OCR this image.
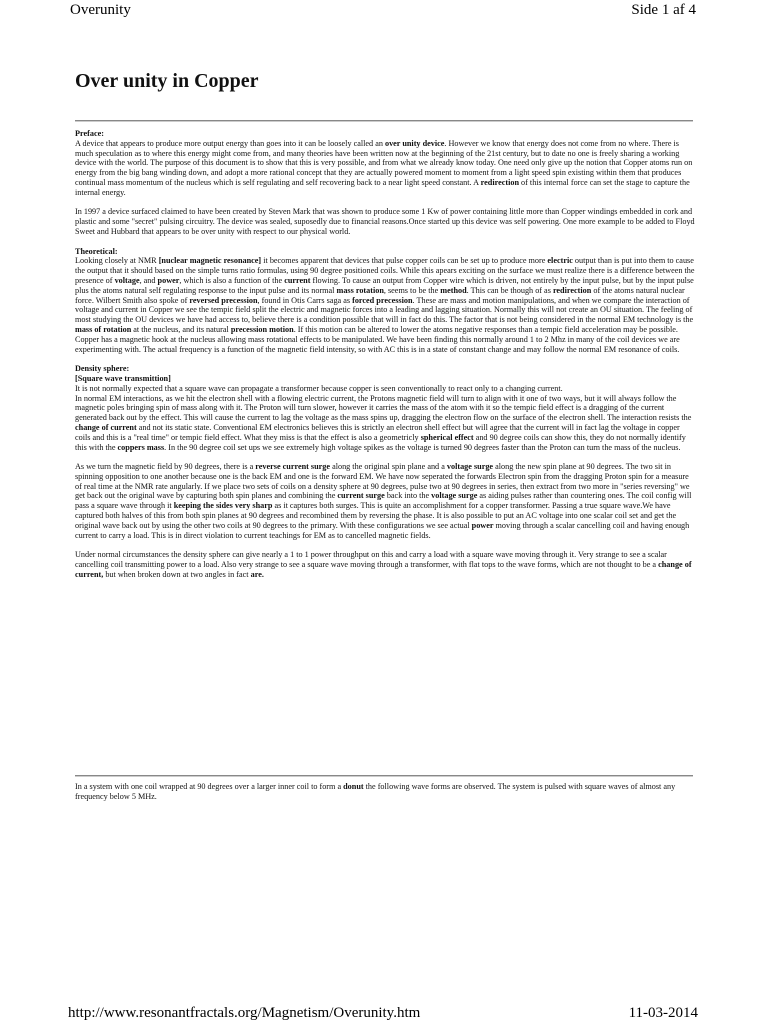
Overunity	Side 1 af 4
Over unity in Copper

Preface:

A device that appears to produce more output energy than goes into it can be loosely called an over unity device. However we know that energy does not come from no where. There is much speculation as to where this energy might come from, and many theories have been written now at the beginning of the 21st century, but to date no one is freely sharing a working device with the world. The purpose of this document is to show that this is very possible, and from what we already know today. One need only give up the notion that Copper atoms run on energy from the big bang winding down, and adopt a more rational concept that they are actually powered moment to moment from a light speed spin existing within them that produces continual mass momentum of the nucleus which is self regulating and self recovering back to a near light speed constant. A redirection of this internal force can set the stage to capture the internal energy.

In 1997 a device surfaced claimed to have been created by Steven Mark that was shown to produce some 1 Kw of power containing little more than Copper windings embedded in cork and plastic and some "secret" pulsing circuitry. The device was sealed, suposedly due to financial reasons.Once started up this device was self powering. One more example to be added to Floyd Sweet and Hubbard that appears to be over unity with respect to our physical world.

Theoretical:

Looking closely at NMR [nuclear magnetic resonance] it becomes apparent that devices that pulse copper coils can be set up to produce more electric output than is put into them to cause the output that it should based on the simple turns ratio formulas, using 90 degree positioned coils. While this apears exciting on the surface we must realize there is a difference between the presence of voltage, and power, which is also a function of the current flowing. To cause an output from Copper wire which is driven, not entirely by the input pulse, but by the input pulse plus the atoms natural self regulating response to the input pulse and its normal mass rotation, seems to be the method. This can be though of as redirection of the atoms natural nuclear force. Wilbert Smith also spoke of reversed precession, found in Otis Carrs saga as forced precession. These are mass and motion manipulations, and when we compare the interaction of voltage and current in Copper we see the tempic field split the electric and magnetic forces into a leading and lagging situation. Normally this will not create an OU situation. The feeling of most studying the OU devices we have had access to, believe there is a condition possible that will in fact do this. The factor that is not being considered in the normal EM technology is the mass of rotation at the nucleus, and its natural precession motion. If this motion can be altered to lower the atoms negative responses than a tempic field acceleration may be possible. Copper has a magnetic hook at the nucleus allowing mass rotational effects to be manipulated. We have been finding this normally around 1 to 2 Mhz in many of the coil devices we are experimenting with. The actual frequency is a function of the magnetic field intensity, so with AC this is in a state of constant change and may follow the normal EM resonance of coils.

Density sphere:

[Square wave transmittion]

It is not normally expected that a square wave can propagate a transformer because copper is seen conventionally to react only to a changing current.

In normal EM interactions, as we hit the electron shell with a flowing electric current, the Protons magnetic field will turn to align with it one of two ways, but it will always follow the magnetic poles bringing spin of mass along with it. The Proton will turn slower, however it carries the mass of the atom with it so the tempic field effect is a dragging of the current generated back out by the effect. This will cause the current to lag the voltage as the mass spins up, dragging the electron flow on the surface of the electron shell. The interaction resists the change of current and not its static state. Conventional EM electronics believes this is strictly an electron shell effect but will agree that the current will in fact lag the voltage in copper coils and this is a "real time" or tempic field effect. What they miss is that the effect is also a geometricly spherical effect and 90 degree coils can show this, they do not normally identify this with the coppers mass. In the 90 degree coil set ups we see extremely high voltage spikes as the voltage is turned 90 degrees faster than the Proton can turn the mass of the nucleus.

As we turn the magnetic field by 90 degrees, there is a reverse current surge along the original spin plane and a voltage surge along the new spin plane at 90 degrees. The two sit in spinning opposition to one another because one is the back EM and one is the forward EM. We have now seperated the forwards Electron spin from the dragging Proton spin for a measure of real time at the NMR rate angularly. If we place two sets of coils on a density sphere at 90 degrees, pulse two at 90 degrees in series, then extract from two more in "series reversing" we get back out the original wave by capturing both spin planes and combining the current surge back into the voltage surge as aiding pulses rather than countering ones. The coil config will pass a square wave through it keeping the sides very sharp as it captures both surges. This is quite an accomplishment for a copper transformer. Passing a true square wave.We have captured both halves of this from both spin planes at 90 degrees and recombined them by reversing the phase. It is also possible to put an AC voltage into one scalar coil set and get the original wave back out by using the other two coils at 90 degrees to the primary. With these configurations we see actual power moving through a scalar cancelling coil and having enough current to carry a load. This is in direct violation to current teachings for EM as to cancelled magnetic fields.

Under normal circumstances the density sphere can give nearly a 1 to 1 power throughput on this and carry a load with a square wave moving through it. Very strange to see a scalar cancelling coil transmitting power to a load. Also very strange to see a square wave moving through a transformer, with flat tops to the wave forms, which are not thought to be a change of current, but when broken down at two angles in fact are.

In a system with one coil wrapped at 90 degrees over a larger inner coil to form a donut the following wave forms are observed. The system is pulsed with square waves of almost any frequency below 5 MHz.

http://www.resonantfractals.org/Magnetism/Overunity.htm	11-03-2014
